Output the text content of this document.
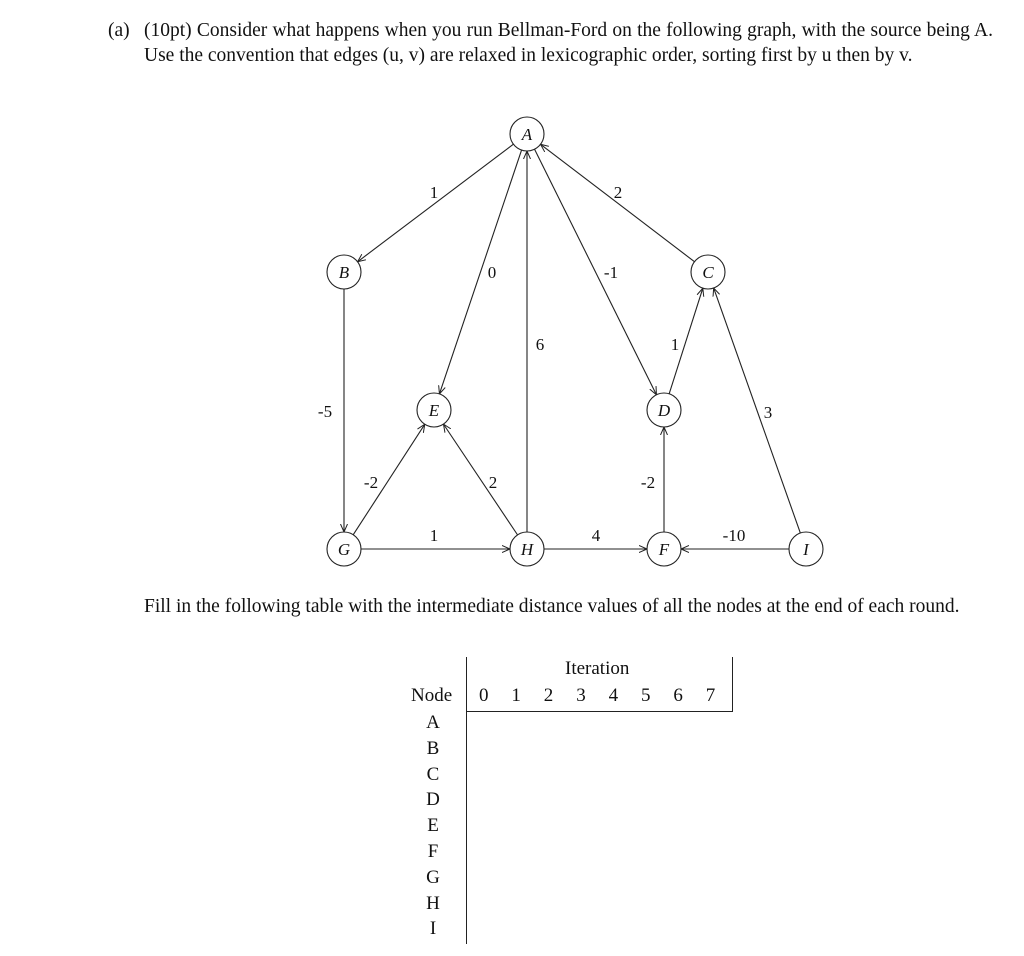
(a) (10pt) Consider what happens when you run Bellman-Ford on the following graph, with the source being A. Use the convention that edges (u, v) are relaxed in lexicographic order, sorting first by u then by v.
1
0	-1
2
6
-5
-2	2
1	4
-2
1
3
-10
A
B	C
D
E
F
G	H	I
Fill in the following table with the intermediate distance values of all the nodes at the end of each round.
Iteration
Node 0 1 2 3 4 5 6 7
A
B
C
D
E
F
G
H
I
